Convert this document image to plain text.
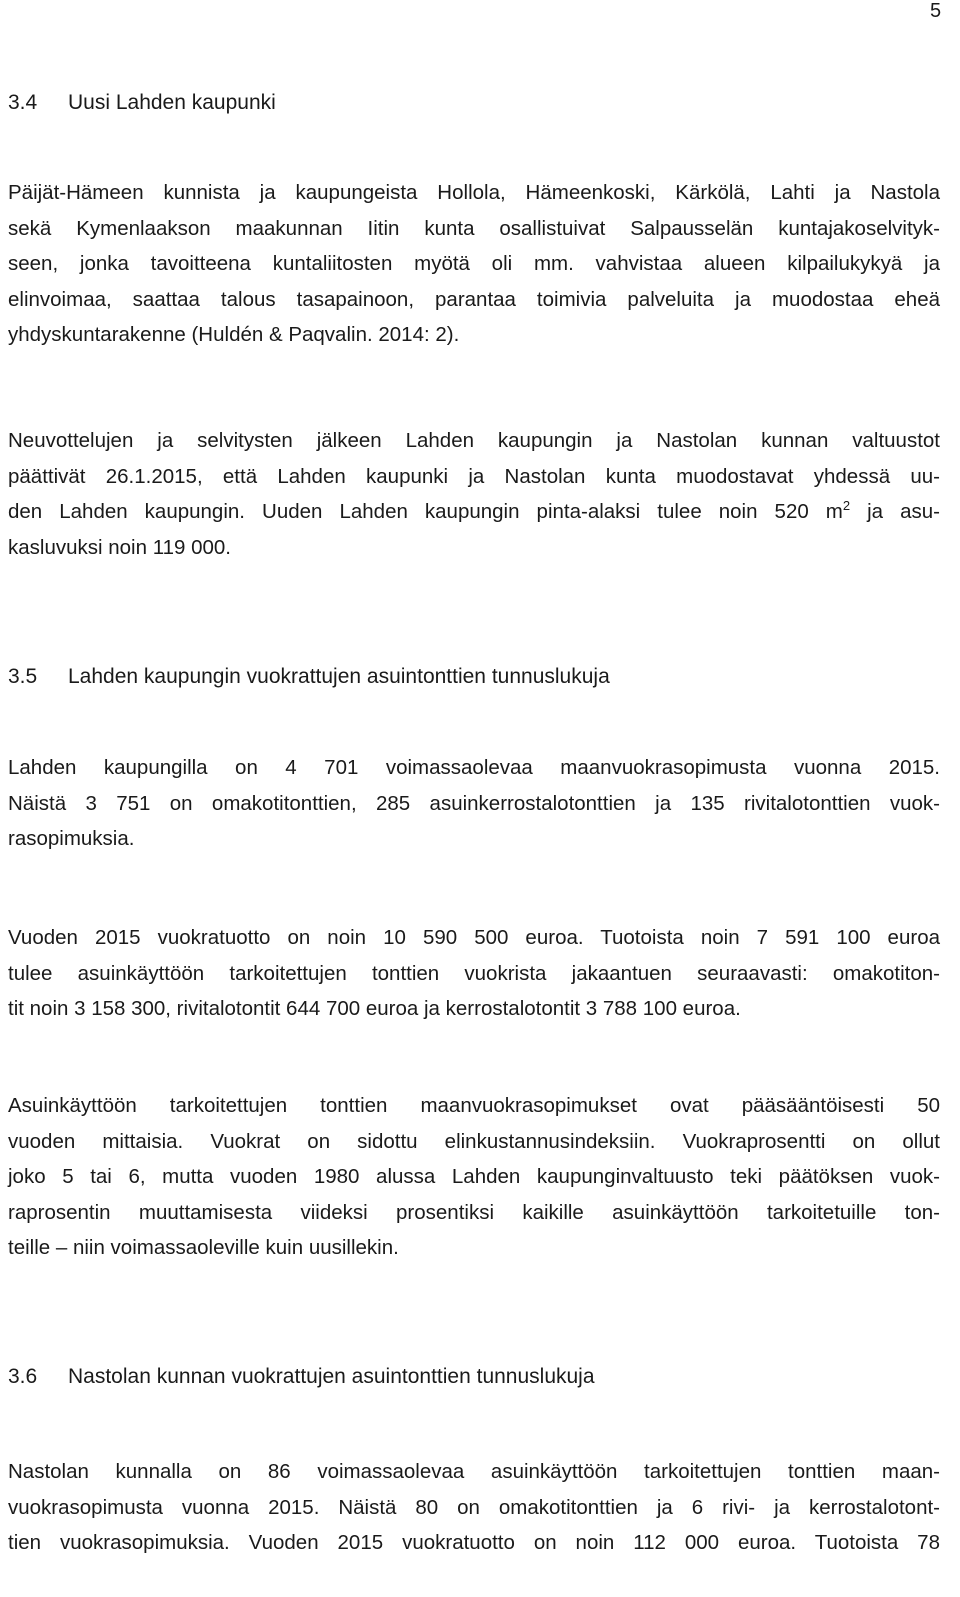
5
3.4 Uusi Lahden kaupunki
Päijät-Hämeen kunnista ja kaupungeista Hollola, Hämeenkoski, Kärkölä, Lahti ja Nastola
sekä Kymenlaakson maakunnan Iitin kunta osallistuivat Salpausselän kuntajakoselvityk-
seen, jonka tavoitteena kuntaliitosten myötä oli mm. vahvistaa alueen kilpailukykyä ja
elinvoimaa, saattaa talous tasapainoon, parantaa toimivia palveluita ja muodostaa eheä
yhdyskuntarakenne (Huldén & Paqvalin. 2014: 2).
Neuvottelujen ja selvitysten jälkeen Lahden kaupungin ja Nastolan kunnan valtuustot
päättivät 26.1.2015, että Lahden kaupunki ja Nastolan kunta muodostavat yhdessä uu-
den Lahden kaupungin. Uuden Lahden kaupungin pinta-alaksi tulee noin 520 $m^2$ ja asu-
kasluvuksi noin 119 000.
3.5 Lahden kaupungin vuokrattujen asuintonttien tunnuslukuja
Lahden kaupungilla on 4 701 voimassaolevaa maanvuokrasopimusta vuonna 2015.
Näistä 3 751 on omakotitonttien, 285 asuinkerrostalotonttien ja 135 rivitalotonttien vuok-
rasopimuksia.
Vuoden 2015 vuokratuotto on noin 10 590 500 euroa. Tuotoista noin 7 591 100 euroa
tulee asuinkäyttöön tarkoitettujen tonttien vuokrista jakaantuen seuraavasti: omakotiton-
tit noin 3 158 300, rivitalotontit 644 700 euroa ja kerrostalotontit 3 788 100 euroa.
Asuinkäyttöön tarkoitettujen tonttien maanvuokrasopimukset ovat pääsääntöisesti 50
vuoden mittaisia. Vuokrat on sidottu elinkustannusindeksiin. Vuokraprosentti on ollut
joko 5 tai 6, mutta vuoden 1980 alussa Lahden kaupunginvaltuusto teki päätöksen vuok-
raprosentin muuttamisesta viideksi prosentiksi kaikille asuinkäyttöön tarkoitetuille ton-
teille – niin voimassaoleville kuin uusillekin.
3.6 Nastolan kunnan vuokrattujen asuintonttien tunnuslukuja
Nastolan kunnalla on 86 voimassaolevaa asuinkäyttöön tarkoitettujen tonttien maan-
vuokrasopimusta vuonna 2015. Näistä 80 on omakotitonttien ja 6 rivi- ja kerrostalotont-
tien vuokrasopimuksia. Vuoden 2015 vuokratuotto on noin 112 000 euroa. Tuotoista 78
